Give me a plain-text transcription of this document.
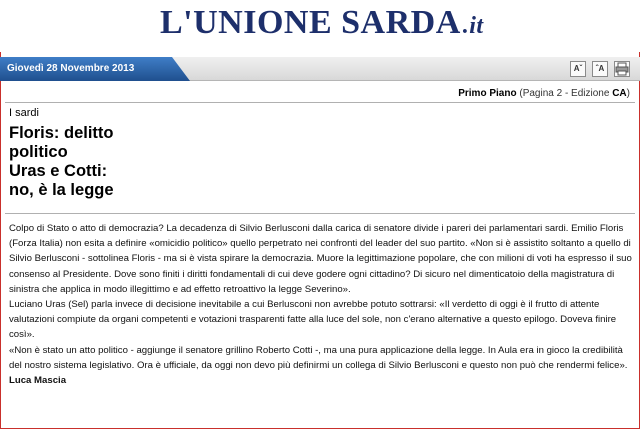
L'UNIONE SARDA.it
Giovedì 28 Novembre 2013	Aˇ	ˆA
Primo Piano (Pagina 2 - Edizione CA)
I sardi
Floris: delitto
politico
Uras e Cotti:
no, è la legge

Colpo di Stato o atto di democrazia? La decadenza di Silvio Berlusconi dalla carica di senatore divide i pareri dei parlamentari sardi. Emilio Floris (Forza Italia) non esita a definire «omicidio politico» quello perpetrato nei confronti del leader del suo partito. «Non si è assistito soltanto a quello di Silvio Berlusconi - sottolinea Floris - ma si è vista spirare la democrazia. Muore la legittimazione popolare, che con milioni di voti ha espresso il suo consenso al Presidente. Dove sono finiti i diritti fondamentali di cui deve godere ogni cittadino? Di sicuro nel dimenticatoio della magistratura di sinistra che applica in modo illegittimo e ad effetto retroattivo la legge Severino».

Luciano Uras (Sel) parla invece di decisione inevitabile a cui Berlusconi non avrebbe potuto sottrarsi: «Il verdetto di oggi è il frutto di attente valutazioni compiute da organi competenti e votazioni trasparenti fatte alla luce del sole, non c'erano alternative a questo epilogo. Doveva finire così».

«Non è stato un atto politico - aggiunge il senatore grillino Roberto Cotti -, ma una pura applicazione della legge. In Aula era in gioco la credibilità del nostro sistema legislativo. Ora è ufficiale, da oggi non devo più definirmi un collega di Silvio Berlusconi e questo non può che rendermi felice».

Luca Mascia
